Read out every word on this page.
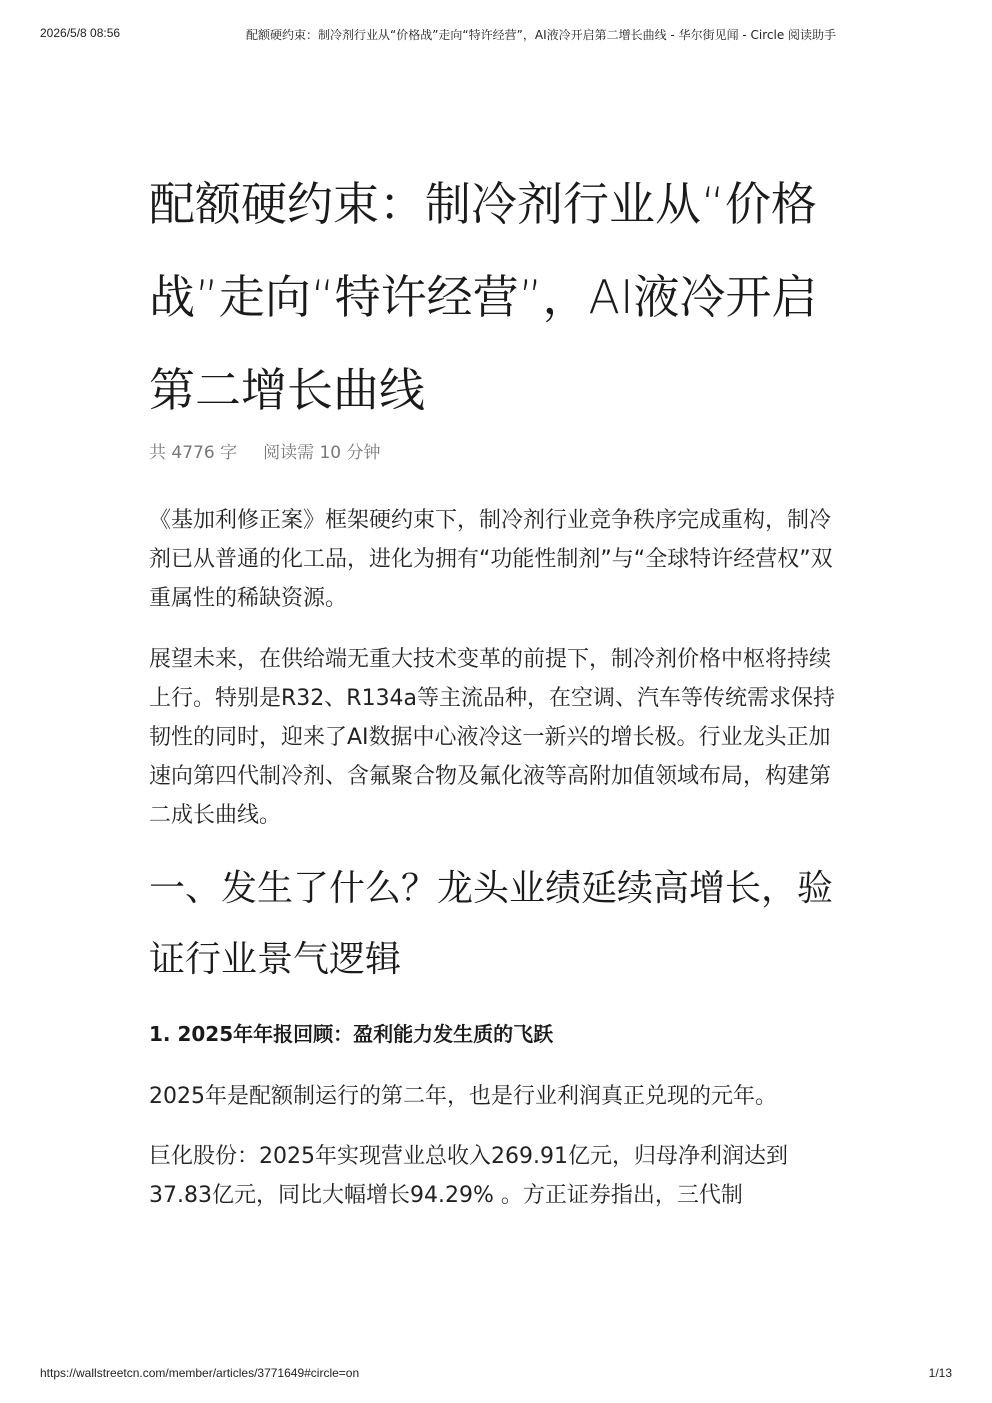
2026/5/8 08:56	配额硬约束：制冷剂行业从“价格战”走向“特许经营”，AI液冷开启第二增长曲线 - 华尔街见闻 - Circle 阅读助手
配额硬约束：制冷剂行业从“价格战”走向“特许经营”，AI液冷开启第二增长曲线
共 4776 字 阅读需 10 分钟

《基加利修正案》框架硬约束下，制冷剂行业竞争秩序完成重构，制冷剂已从普通的化工品，进化为拥有“功能性制剂”与“全球特许经营权”双重属性的稀缺资源。

展望未来，在供给端无重大技术变革的前提下，制冷剂价格中枢将持续上行。特别是R32、R134a等主流品种，在空调、汽车等传统需求保持韧性的同时，迎来了AI数据中心液冷这一新兴的增长极。行业龙头正加速向第四代制冷剂、含氟聚合物及氟化液等高附加值领域布局，构建第二成长曲线。

一、发生了什么？龙头业绩延续高增长，验证行业景气逻辑
1. 2025年年报回顾：盈利能力发生质的飞跃

2025年是配额制运行的第二年，也是行业利润真正兑现的元年。

巨化股份：2025年实现营业总收入269.91亿元，归母净利润达到37.83亿元，同比大幅增长94.29% 。方正证券指出，三代制

https://wallstreetcn.com/member/articles/3771649#circle=on	1/13
